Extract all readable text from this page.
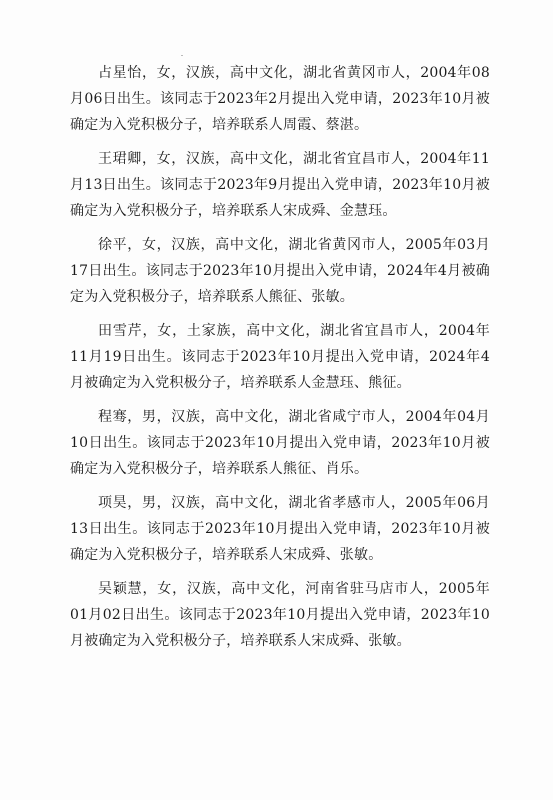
占星怡，女，汉族，高中文化，湖北省黄冈市人，2004年08月06日出生。该同志于2023年2月提出入党申请，2023年10月被确定为入党积极分子，培养联系人周霞、蔡湛。

王珺卿，女，汉族，高中文化，湖北省宜昌市人，2004年11月13日出生。该同志于2023年9月提出入党申请，2023年10月被确定为入党积极分子，培养联系人宋成舜、金慧珏。

徐平，女，汉族，高中文化，湖北省黄冈市人，2005年03月17日出生。该同志于2023年10月提出入党申请，2024年4月被确定为入党积极分子，培养联系人熊征、张敏。

田雪芹，女，土家族，高中文化，湖北省宜昌市人，2004年11月19日出生。该同志于2023年10月提出入党申请，2024年4月被确定为入党积极分子，培养联系人金慧珏、熊征。

程骞，男，汉族，高中文化，湖北省咸宁市人，2004年04月10日出生。该同志于2023年10月提出入党申请，2023年10月被确定为入党积极分子，培养联系人熊征、肖乐。

项昊，男，汉族，高中文化，湖北省孝感市人，2005年06月13日出生。该同志于2023年10月提出入党申请，2023年10月被确定为入党积极分子，培养联系人宋成舜、张敏。

吴颖慧，女，汉族，高中文化，河南省驻马店市人，2005年01月02日出生。该同志于2023年10月提出入党申请，2023年10月被确定为入党积极分子，培养联系人宋成舜、张敏。
